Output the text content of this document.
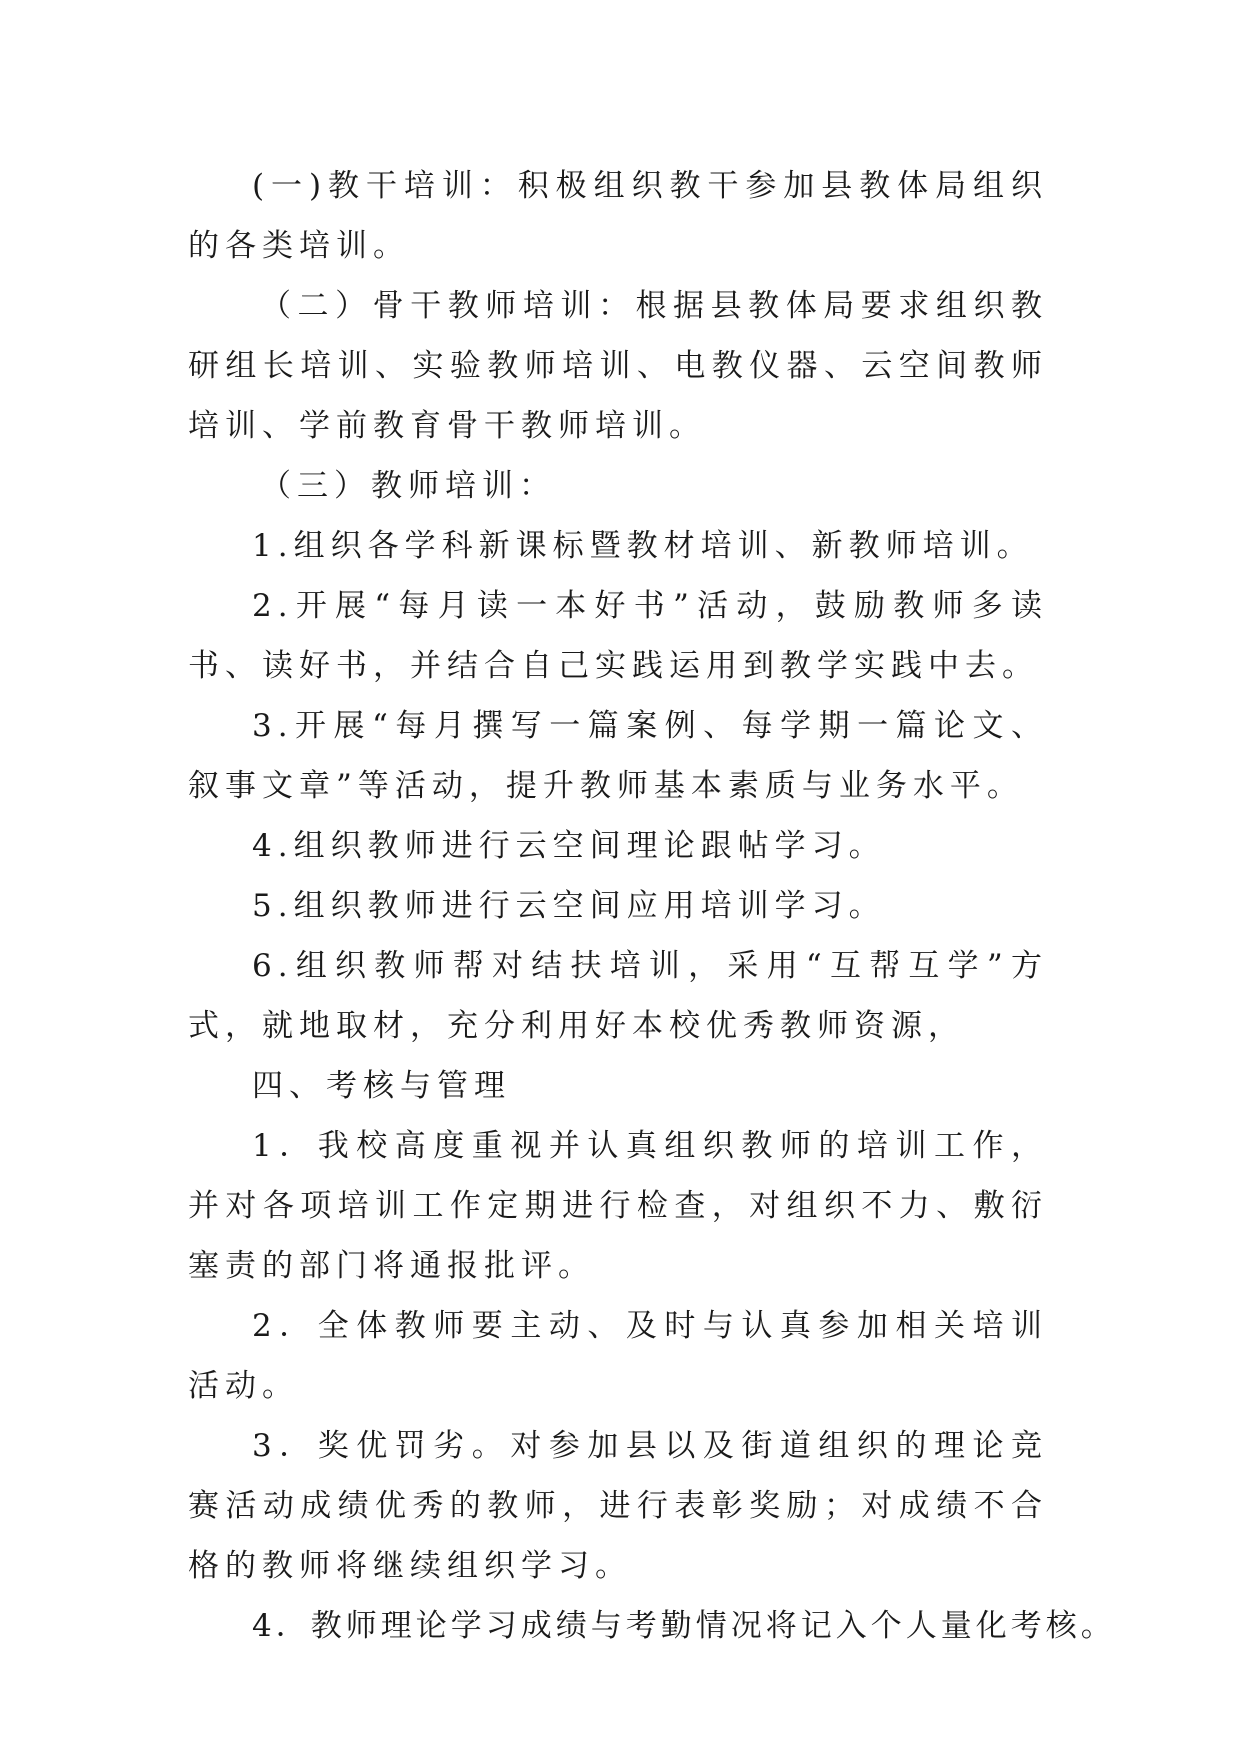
(一)教干培训：积极组织教干参加县教体局组织的各类培训。

（二）骨干教师培训：根据县教体局要求组织教研组长培训、实验教师培训、电教仪器、云空间教师培训、学前教育骨干教师培训。

（三）教师培训：

1.组织各学科新课标暨教材培训、新教师培训。

2.开展“每月读一本好书”活动，鼓励教师多读书、读好书，并结合自己实践运用到教学实践中去。

3.开展“每月撰写一篇案例、每学期一篇论文、叙事文章”等活动，提升教师基本素质与业务水平。

4.组织教师进行云空间理论跟帖学习。

5.组织教师进行云空间应用培训学习。

6.组织教师帮对结扶培训，采用“互帮互学”方式，就地取材，充分利用好本校优秀教师资源，

四、考核与管理

1．我校高度重视并认真组织教师的培训工作，并对各项培训工作定期进行检查，对组织不力、敷衍塞责的部门将通报批评。

2．全体教师要主动、及时与认真参加相关培训活动。

3．奖优罚劣。对参加县以及街道组织的理论竞赛活动成绩优秀的教师，进行表彰奖励；对成绩不合格的教师将继续组织学习。

4．教师理论学习成绩与考勤情况将记入个人量化考核。
